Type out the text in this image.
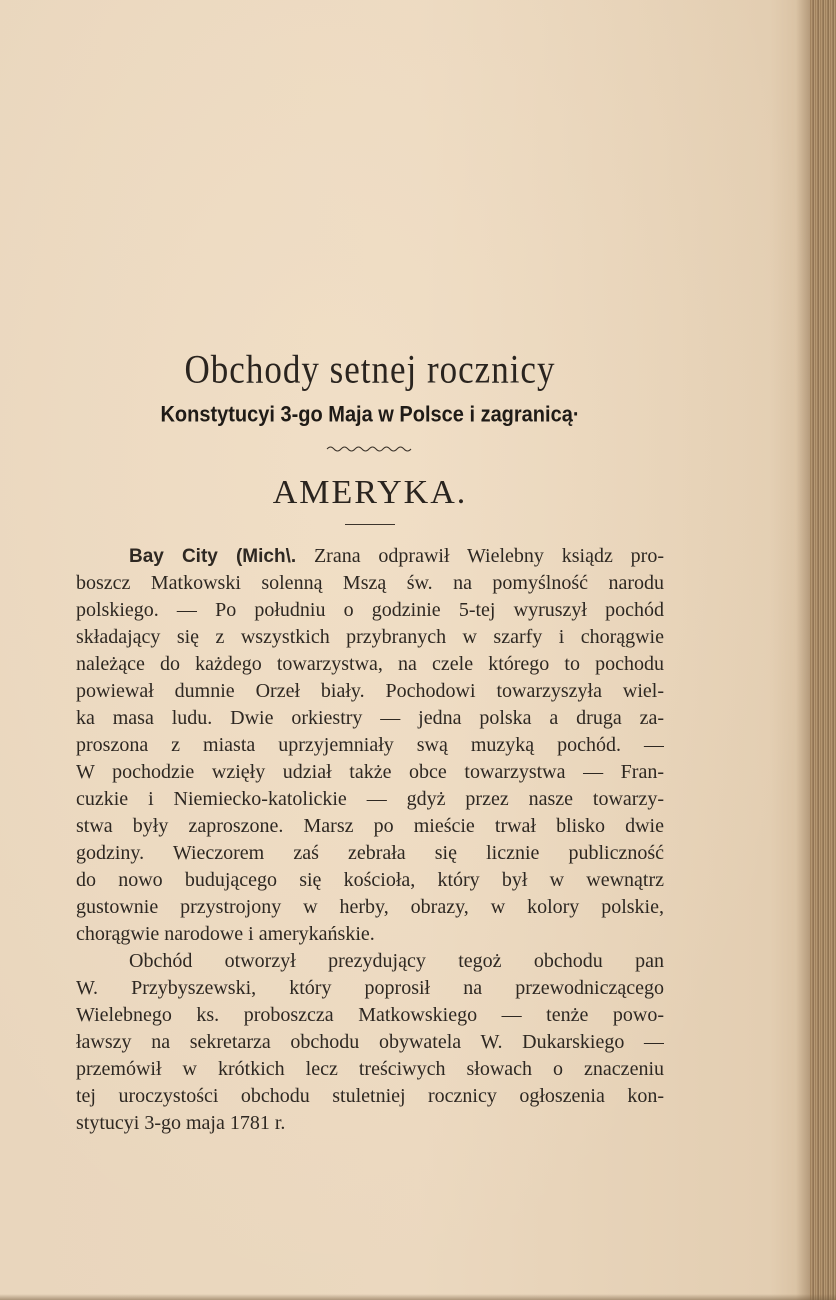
Obchody setnej rocznicy
Konstytucyi 3-go Maja w Polsce i zagranicą·
AMERYKA.
Bay City (Mich\. Zrana odprawił Wielebny ksiądz pro-
boszcz Matkowski solenną Mszą św. na pomyślność narodu
polskiego. — Po południu o godzinie 5-tej wyruszył pochód
składający się z wszystkich przybranych w szarfy i chorągwie
należące do każdego towarzystwa, na czele którego to pochodu
powiewał dumnie Orzeł biały. Pochodowi towarzyszyła wiel-
ka masa ludu. Dwie orkiestry — jedna polska a druga za-
proszona z miasta uprzyjemniały swą muzyką pochód. —
W pochodzie wzięły udział także obce towarzystwa — Fran-
cuzkie i Niemiecko-katolickie — gdyż przez nasze towarzy-
stwa były zaproszone. Marsz po mieście trwał blisko dwie
godziny. Wieczorem zaś zebrała się licznie publiczność
do nowo budującego się kościoła, który był w wewnątrz
gustownie przystrojony w herby, obrazy, w kolory polskie,
chorągwie narodowe i amerykańskie.
Obchód otworzył prezydujący tegoż obchodu pan
W. Przybyszewski, który poprosił na przewodniczącego
Wielebnego ks. proboszcza Matkowskiego — tenże powo-
ławszy na sekretarza obchodu obywatela W. Dukarskiego —
przemówił w krótkich lecz treściwych słowach o znaczeniu
tej uroczystości obchodu stuletniej rocznicy ogłoszenia kon-
stytucyi 3-go maja 1781 r.
